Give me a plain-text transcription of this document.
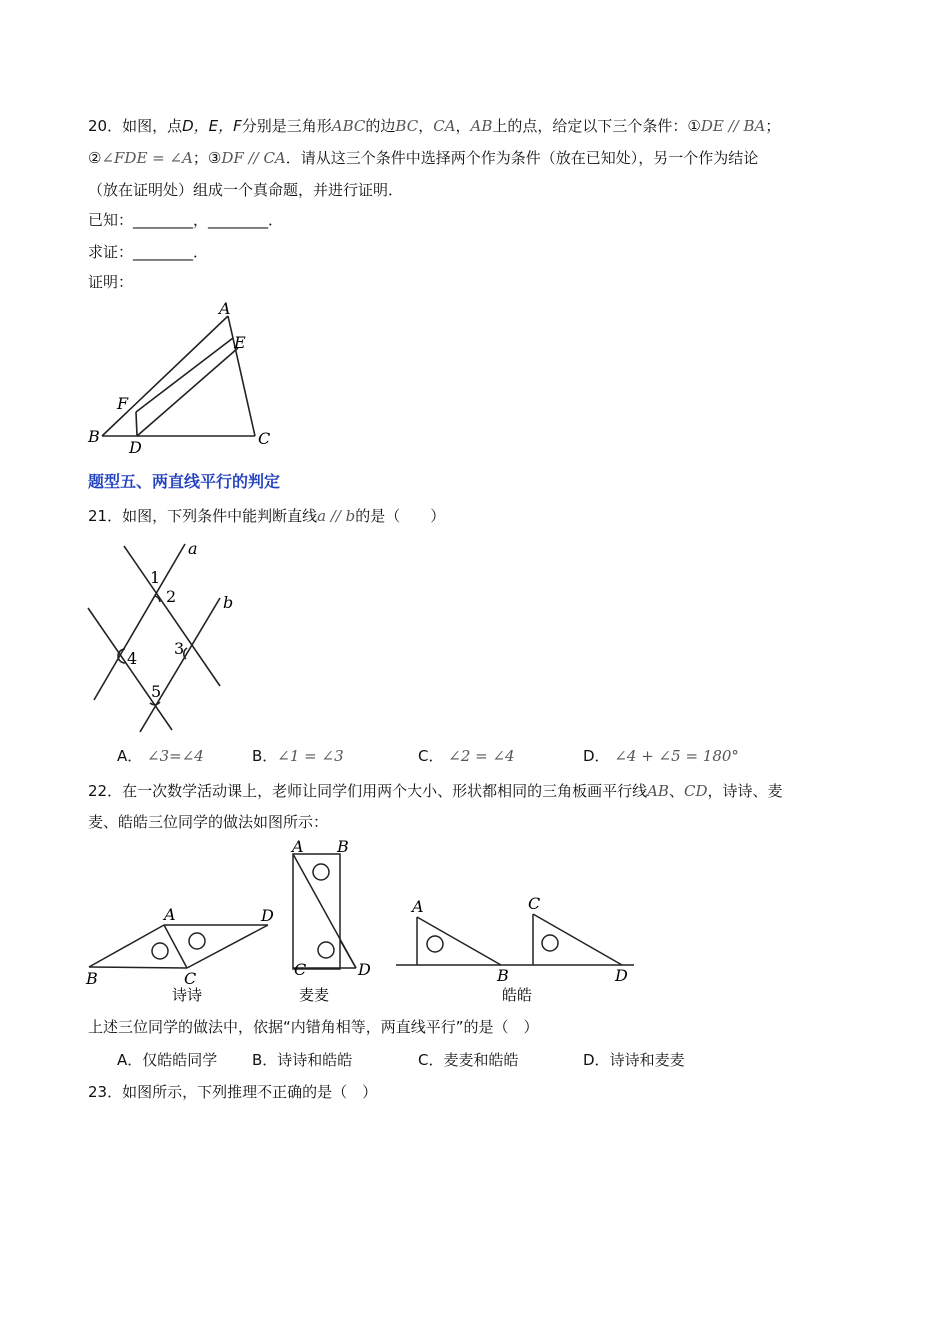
20．如图，点D，E，F分别是三角形ABC的边BC，CA，AB上的点，给定以下三个条件：①DE // BA；
②∠FDE = ∠A；③DF // CA．请从这三个条件中选择两个作为条件（放在已知处），另一个作为结论
（放在证明处）组成一个真命题，并进行证明．
已知：________，________．
求证：________．
证明：
A
B	C
D
E
F
题型五、两直线平行的判定
21．如图，下列条件中能判断直线a // b的是（　　）
a
b
1
2
3
4
5
A． ∠3=∠4	B．∠1 = ∠3	C． ∠2 = ∠4	D． ∠4 + ∠5 = 180°
22．在一次数学活动课上，老师让同学们用两个大小、形状都相同的三角板画平行线AB、CD，诗诗、麦
麦、皓皓三位同学的做法如图所示：
A
B	C
D
A B
C	D
A
B
C
D
诗诗	麦麦	皓皓
上述三位同学的做法中，依据“内错角相等，两直线平行”的是（　）
A．仅皓皓同学 B．诗诗和皓皓	C．麦麦和皓皓	D．诗诗和麦麦
23．如图所示，下列推理不正确的是（　）
